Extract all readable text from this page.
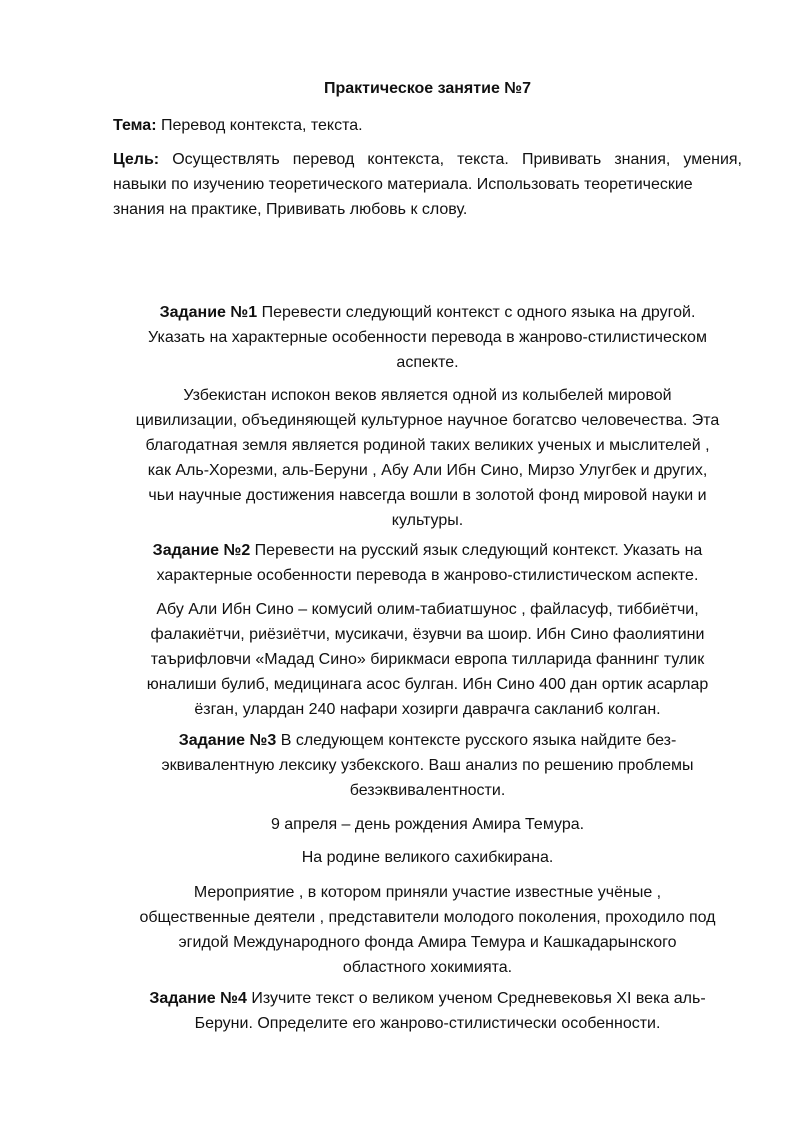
Практическое занятие №7
Тема: Перевод контекста, текста.
Цель: Осуществлять перевод контекста, текста. Прививать знания, умения,
навыки по изучению теоретического материала. Использовать теоретические
знания на практике, Прививать любовь к слову.
Задание №1 Перевести следующий контекст с одного языка на другой.
Указать на характерные особенности перевода в жанрово-стилистическом
аспекте.
Узбекистан испокон веков является одной из колыбелей мировой
цивилизации, объединяющей культурное научное богатсво человечества. Эта
благодатная земля является родиной таких великих ученых и мыслителей ,
как Аль-Хорезми, аль-Беруни , Абу Али Ибн Сино, Мирзо Улугбек и других,
чьи научные достижения навсегда вошли в золотой фонд мировой науки и
культуры.
Задание №2 Перевести на русский язык следующий контекст. Указать на
характерные особенности перевода в жанрово-стилистическом аспекте.
Абу Али Ибн Сино – комусий олим-табиатшунос , файласуф, тиббиётчи,
фалакиётчи, риёзиётчи, мусикачи, ёзувчи ва шоир. Ибн Сино фаолиятини
таърифловчи «Мадад Сино» бирикмаси европа тилларида фаннинг тулик
юналиши булиб, медицинага асос булган. Ибн Сино 400 дан ортик асарлар
ёзган, улардан 240 нафари хозирги даврачга сакланиб колган.
Задание №3 В следующем контексте русского языка найдите без-
эквивалентную лексику узбекского. Ваш анализ по решению проблемы
безэквивалентности.
9 апреля – день рождения Амира Темура.
На родине великого сахибкирана.
Мероприятие , в котором приняли участие известные учёные ,
общественные деятели , представители молодого поколения, проходило под
эгидой Международного фонда Амира Темура и Кашкадарынского
областного хокимията.
Задание №4 Изучите текст о великом ученом Средневековья XI века аль-
Беруни. Определите его жанрово-стилистически особенности.
